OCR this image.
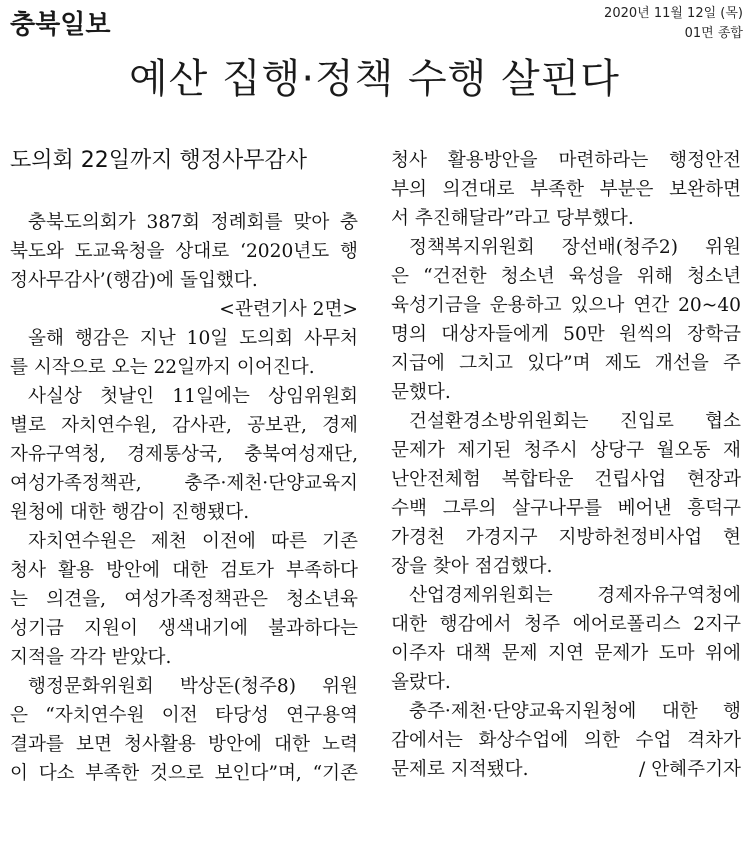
충북일보	2020년 11월 12일 (목)
01면 종합
예산 집행·정책 수행 살핀다
도의회 22일까지 행정사무감사
충북도의회가 387회 정례회를 맞아 충
북도와 도교육청을 상대로 ‘2020년도 행
정사무감사’(행감)에 돌입했다.
<관련기사 2면>
올해 행감은 지난 10일 도의회 사무처
를 시작으로 오는 22일까지 이어진다.
사실상 첫날인 11일에는 상임위원회
별로 자치연수원, 감사관, 공보관, 경제
자유구역청, 경제통상국, 충북여성재단,
여성가족정책관, 충주·제천·단양교육지
원청에 대한 행감이 진행됐다.
자치연수원은 제천 이전에 따른 기존
청사 활용 방안에 대한 검토가 부족하다
는 의견을, 여성가족정책관은 청소년육
성기금 지원이 생색내기에 불과하다는
지적을 각각 받았다.
행정문화위원회 박상돈(청주8) 위원
은 “자치연수원 이전 타당성 연구용역
결과를 보면 청사활용 방안에 대한 노력
이 다소 부족한 것으로 보인다”며, “기존
청사 활용방안을 마련하라는 행정안전
부의 의견대로 부족한 부분은 보완하면
서 추진해달라”라고 당부했다.
정책복지위원회 장선배(청주2) 위원
은 “건전한 청소년 육성을 위해 청소년
육성기금을 운용하고 있으나 연간 20~40
명의 대상자들에게 50만 원씩의 장학금
지급에 그치고 있다”며 제도 개선을 주
문했다.
건설환경소방위원회는 진입로 협소
문제가 제기된 청주시 상당구 월오동 재
난안전체험 복합타운 건립사업 현장과
수백 그루의 살구나무를 베어낸 흥덕구
가경천 가경지구 지방하천정비사업 현
장을 찾아 점검했다.
산업경제위원회는 경제자유구역청에
대한 행감에서 청주 에어로폴리스 2지구
이주자 대책 문제 지연 문제가 도마 위에
올랐다.
충주·제천·단양교육지원청에 대한 행
감에서는 화상수업에 의한 수업 격차가
문제로 지적됐다.	/ 안혜주기자
